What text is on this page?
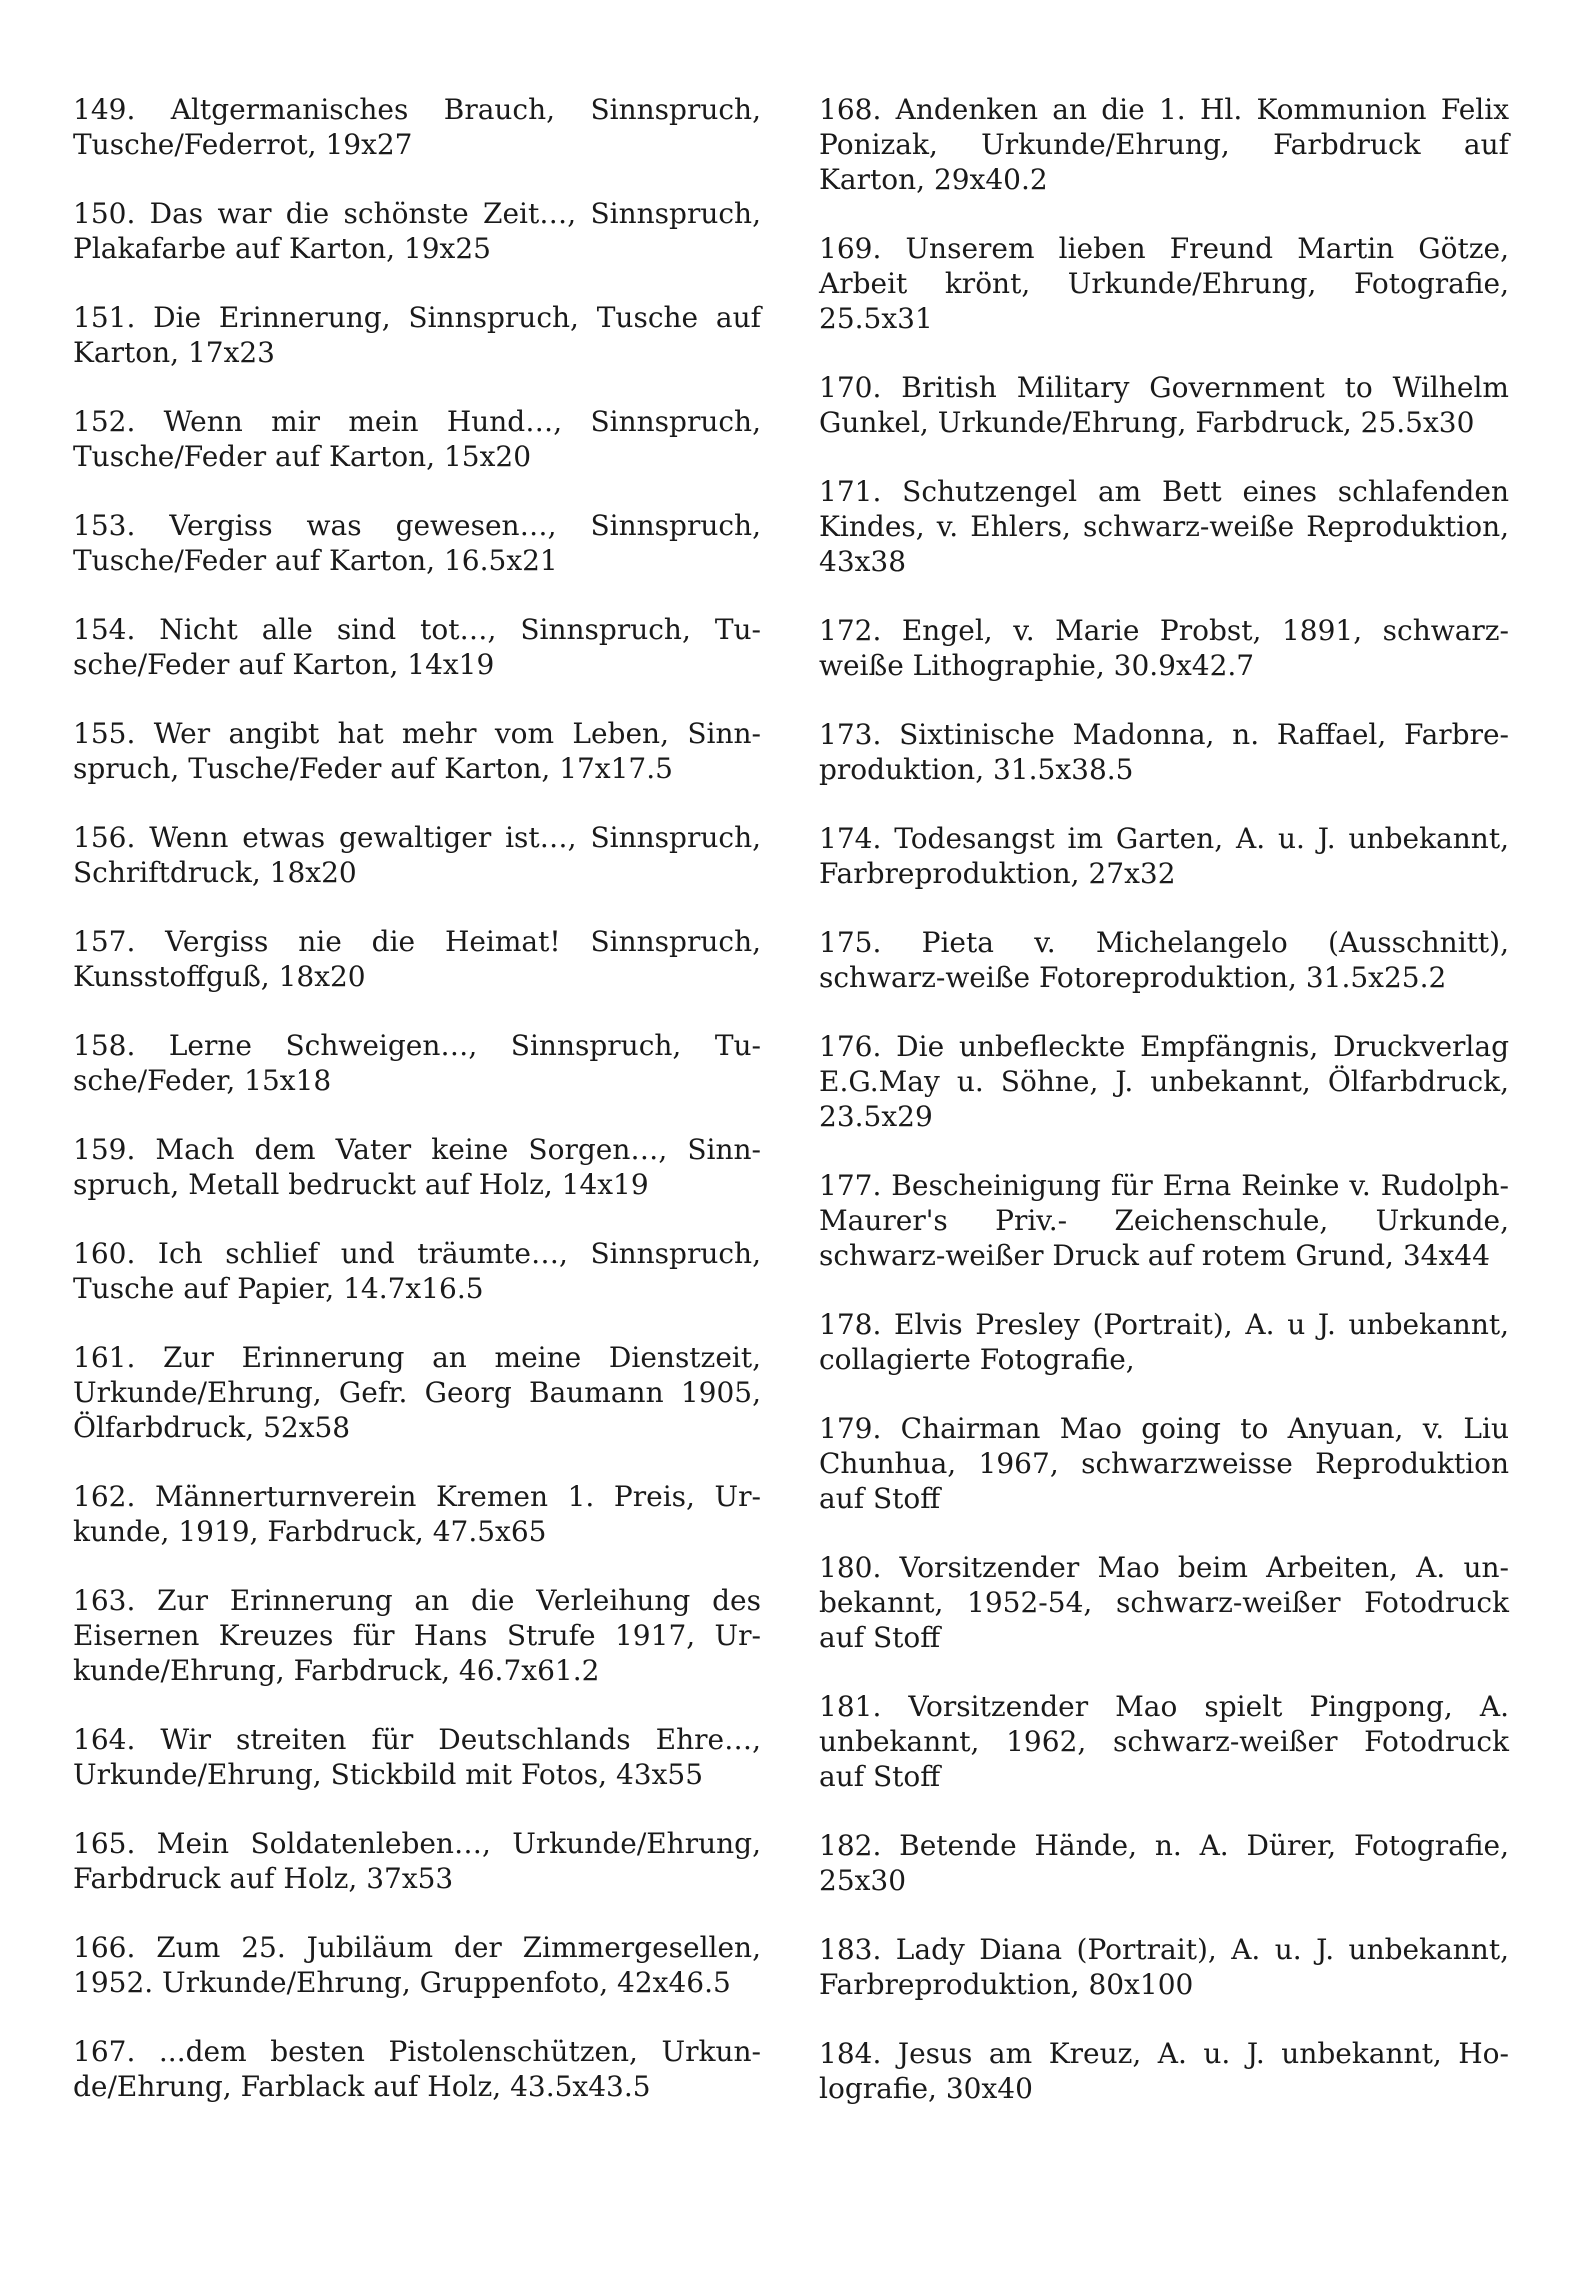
149. Altgermanisches Brauch, Sinnspruch, Tusche/Federrot, 19x27

150. Das war die schönste Zeit…, Sinnspruch, Plakafarbe auf Karton, 19x25

151. Die Erinnerung, Sinnspruch, Tusche auf Karton, 17x23

152. Wenn mir mein Hund…, Sinnspruch, Tusche/Feder auf Karton, 15x20

153. Vergiss was gewesen…, Sinnspruch, Tusche/Feder auf Karton, 16.5x21

154. Nicht alle sind tot…, Sinnspruch, Tusche/Feder auf Karton, 14x19

155. Wer angibt hat mehr vom Leben, Sinnspruch, Tusche/Feder auf Karton, 17x17.5

156. Wenn etwas gewaltiger ist…, Sinnspruch, Schriftdruck, 18x20

157. Vergiss nie die Heimat! Sinnspruch, Kunsstoffguß, 18x20

158. Lerne Schweigen…, Sinnspruch, Tusche/Feder, 15x18

159. Mach dem Vater keine Sorgen…, Sinnspruch, Metall bedruckt auf Holz, 14x19

160. Ich schlief und träumte…, Sinnspruch, Tusche auf Papier, 14.7x16.5

161. Zur Erinnerung an meine Dienstzeit, Urkunde/Ehrung, Gefr. Georg Baumann 1905, Ölfarbdruck, 52x58

162. Männerturnverein Kremen 1. Preis, Urkunde, 1919, Farbdruck, 47.5x65

163. Zur Erinnerung an die Verleihung des Eisernen Kreuzes für Hans Strufe 1917, Urkunde/Ehrung, Farbdruck, 46.7x61.2

164. Wir streiten für Deutschlands Ehre…, Urkunde/Ehrung, Stickbild mit Fotos, 43x55

165. Mein Soldatenleben…, Urkunde/Ehrung, Farbdruck auf Holz, 37x53

166. Zum 25. Jubiläum der Zimmergesellen, 1952. Urkunde/Ehrung, Gruppenfoto, 42x46.5

167. ...dem besten Pistolenschützen, Urkunde/Ehrung, Farblack auf Holz, 43.5x43.5

168. Andenken an die 1. Hl. Kommunion Felix Ponizak, Urkunde/Ehrung, Farbdruck auf Karton, 29x40.2

169. Unserem lieben Freund Martin Götze, Arbeit krönt, Urkunde/Ehrung, Fotografie, 25.5x31

170. British Military Government to Wilhelm Gunkel, Urkunde/Ehrung, Farbdruck, 25.5x30

171. Schutzengel am Bett eines schlafenden Kindes, v. Ehlers, schwarz-weiße Reproduktion, 43x38

172. Engel, v. Marie Probst, 1891, schwarz-weiße Lithographie, 30.9x42.7

173. Sixtinische Madonna, n. Raffael, Farbreproduktion, 31.5x38.5

174. Todesangst im Garten, A. u. J. unbekannt, Farbreproduktion, 27x32

175. Pieta v. Michelangelo (Ausschnitt), schwarz-weiße Fotoreproduktion, 31.5x25.2

176. Die unbefleckte Empfängnis, Druckverlag E.G.May u. Söhne, J. unbekannt, Ölfarbdruck, 23.5x29

177. Bescheinigung für Erna Reinke v. Rudolph-Maurer's Priv.- Zeichenschule, Urkunde, schwarz-weißer Druck auf rotem Grund, 34x44

178. Elvis Presley (Portrait), A. u J. unbekannt, collagierte Fotografie,

179. Chairman Mao going to Anyuan, v. Liu Chunhua, 1967, schwarzweisse Reproduktion auf Stoff

180. Vorsitzender Mao beim Arbeiten, A. unbekannt, 1952-54, schwarz-weißer Fotodruck auf Stoff

181. Vorsitzender Mao spielt Pingpong, A. unbekannt, 1962, schwarz-weißer Fotodruck auf Stoff

182. Betende Hände, n. A. Dürer, Fotografie, 25x30

183. Lady Diana (Portrait), A. u. J. unbekannt, Farbreproduktion, 80x100

184. Jesus am Kreuz, A. u. J. unbekannt, Holografie, 30x40
